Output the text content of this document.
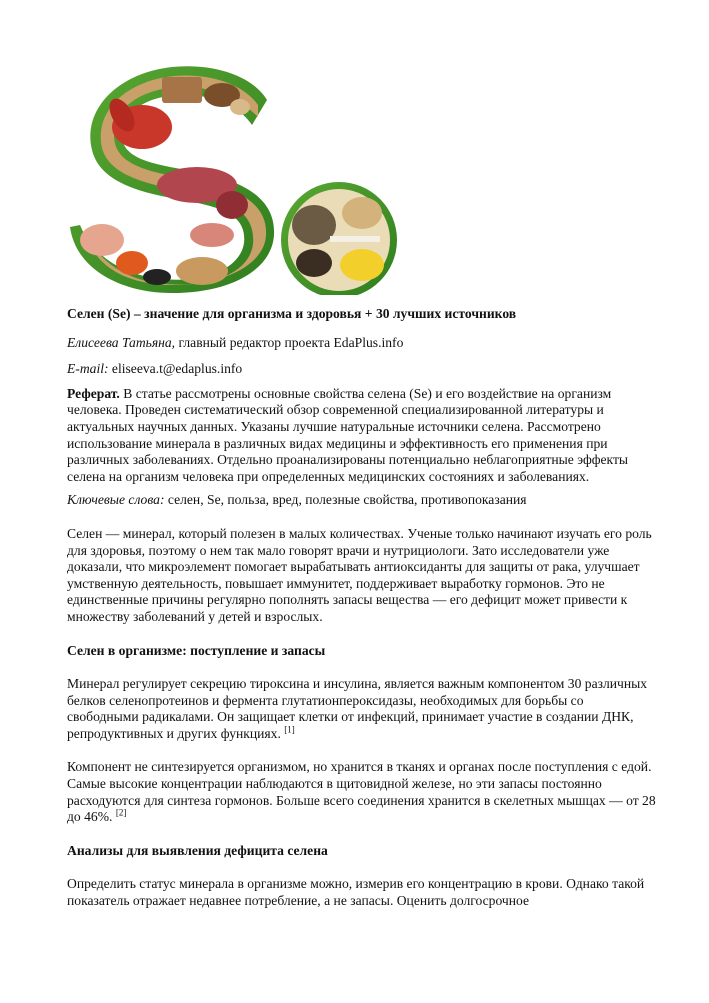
Селен (Se) – значение для организма и здоровья + 30 лучших источников

Елисеева Татьяна, главный редактор проекта EdaPlus.info

E-mail: eliseeva.t@edaplus.info

Реферат. В статье рассмотрены основные свойства селена (Se) и его воздействие на организм человека. Проведен систематический обзор современной специализированной литературы и актуальных научных данных. Указаны лучшие натуральные источники селена. Рассмотрено использование минерала в различных видах медицины и эффективность его применения при различных заболеваниях. Отдельно проанализированы потенциально неблагоприятные эффекты селена на организм человека при определенных медицинских состояниях и заболеваниях.

Ключевые слова: селен, Se, польза, вред, полезные свойства, противопоказания

Селен — минерал, который полезен в малых количествах. Ученые только начинают изучать его роль для здоровья, поэтому о нем так мало говорят врачи и нутрициологи. Зато исследователи уже доказали, что микроэлемент помогает вырабатывать антиоксиданты для защиты от рака, улучшает умственную деятельность, повышает иммунитет, поддерживает выработку гормонов. Это не единственные причины регулярно пополнять запасы вещества — его дефицит может привести к множеству заболеваний у детей и взрослых.

Селен в организме: поступление и запасы

Минерал регулирует секрецию тироксина и инсулина, является важным компонентом 30 различных белков селенопротеинов и фермента глутатионпероксидазы, необходимых для борьбы со свободными радикалами. Он защищает клетки от инфекций, принимает участие в создании ДНК, репродуктивных и других функциях. [1]

Компонент не синтезируется организмом, но хранится в тканях и органах после поступления с едой. Самые высокие концентрации наблюдаются в щитовидной железе, но эти запасы постоянно расходуются для синтеза гормонов. Больше всего соединения хранится в скелетных мышцах — от 28 до 46%. [2]

Анализы для выявления дефицита селена

Определить статус минерала в организме можно, измерив его концентрацию в крови. Однако такой показатель отражает недавнее потребление, а не запасы. Оценить долгосрочное
